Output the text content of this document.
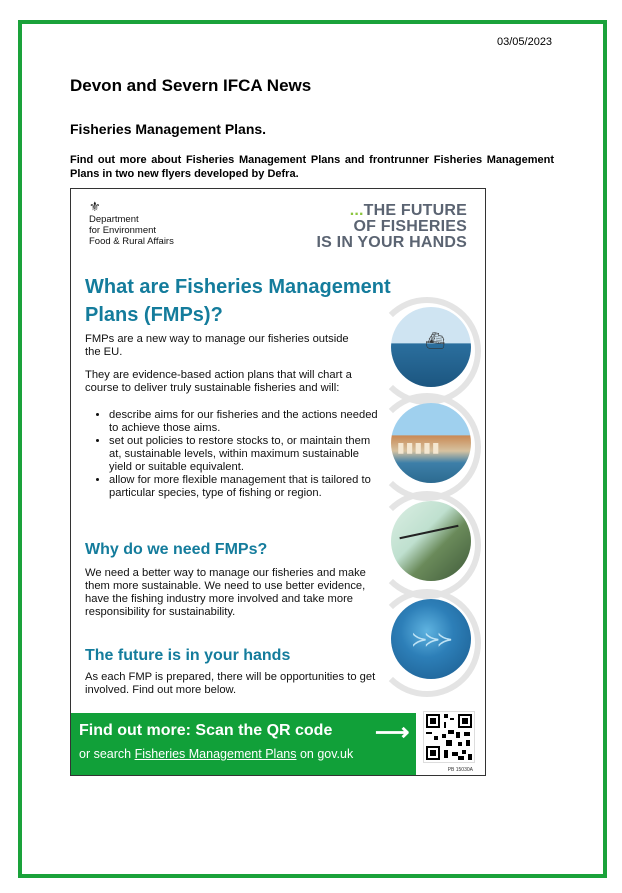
03/05/2023
Devon and Severn IFCA News
Fisheries Management Plans.
Find out more about Fisheries Management Plans and frontrunner Fisheries Management Plans in two new flyers developed by Defra.
⚜
Department
for Environment
Food & Rural Affairs
...THE FUTURE
OF FISHERIES
IS IN YOUR HANDS
What are Fisheries Management Plans (FMPs)?
FMPs are a new way to manage our fisheries outside the EU.
They are evidence-based action plans that will chart a course to deliver truly sustainable fisheries and will:
• describe aims for our fisheries and the actions needed to achieve those aims.
• set out policies to restore stocks to, or maintain them at, sustainable levels, within maximum sustainable yield or suitable equivalent.
• allow for more flexible management that is tailored to particular species, type of fishing or region.
Why do we need FMPs?
We need a better way to manage our fisheries and make them more sustainable. We need to use better evidence, have the fishing industry more involved and take more responsibility for sustainability.
The future is in your hands
As each FMP is prepared, there will be opportunities to get involved. Find out more below.
⛴
▮▮▮▮▮
≻≻≻
Find out more: Scan the QR code ⟶
or search Fisheries Management Plans on gov.uk
PB 15030A
